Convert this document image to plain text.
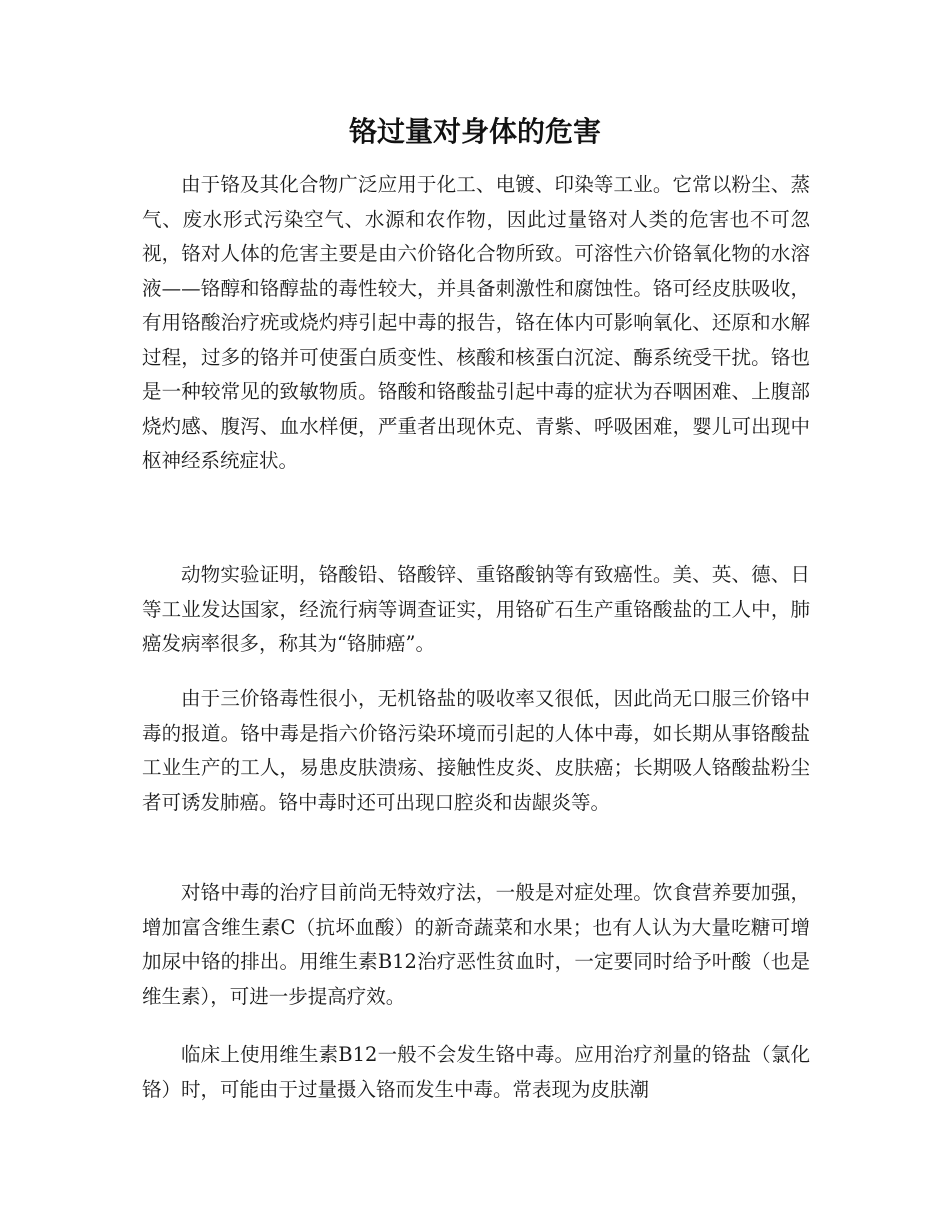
铬过量对身体的危害

由于铬及其化合物广泛应用于化工、电镀、印染等工业。它常以粉尘、蒸气、废水形式污染空气、水源和农作物，因此过量铬对人类的危害也不可忽视，铬对人体的危害主要是由六价铬化合物所致。可溶性六价铬氧化物的水溶液——铬醇和铬醇盐的毒性较大，并具备刺激性和腐蚀性。铬可经皮肤吸收，有用铬酸治疗疣或烧灼痔引起中毒的报告，铬在体内可影响氧化、还原和水解过程，过多的铬并可使蛋白质变性、核酸和核蛋白沉淀、酶系统受干扰。铬也是一种较常见的致敏物质。铬酸和铬酸盐引起中毒的症状为吞咽困难、上腹部烧灼感、腹泻、血水样便，严重者出现休克、青紫、呼吸困难，婴儿可出现中枢神经系统症状。

动物实验证明，铬酸铅、铬酸锌、重铬酸钠等有致癌性。美、英、德、日等工业发达国家，经流行病等调查证实，用铬矿石生产重铬酸盐的工人中，肺癌发病率很多，称其为“铬肺癌”。

由于三价铬毒性很小，无机铬盐的吸收率又很低，因此尚无口服三价铬中毒的报道。铬中毒是指六价铬污染环境而引起的人体中毒，如长期从事铬酸盐工业生产的工人，易患皮肤溃疡、接触性皮炎、皮肤癌；长期吸人铬酸盐粉尘者可诱发肺癌。铬中毒时还可出现口腔炎和齿龈炎等。

对铬中毒的治疗目前尚无特效疗法，一般是对症处理。饮食营养要加强，增加富含维生素C（抗坏血酸）的新奇蔬菜和水果；也有人认为大量吃糖可增加尿中铬的排出。用维生素B12治疗恶性贫血时，一定要同时给予叶酸（也是维生素），可进一步提高疗效。

临床上使用维生素B12一般不会发生铬中毒。应用治疗剂量的铬盐（氯化铬）时，可能由于过量摄入铬而发生中毒。常表现为皮肤潮
